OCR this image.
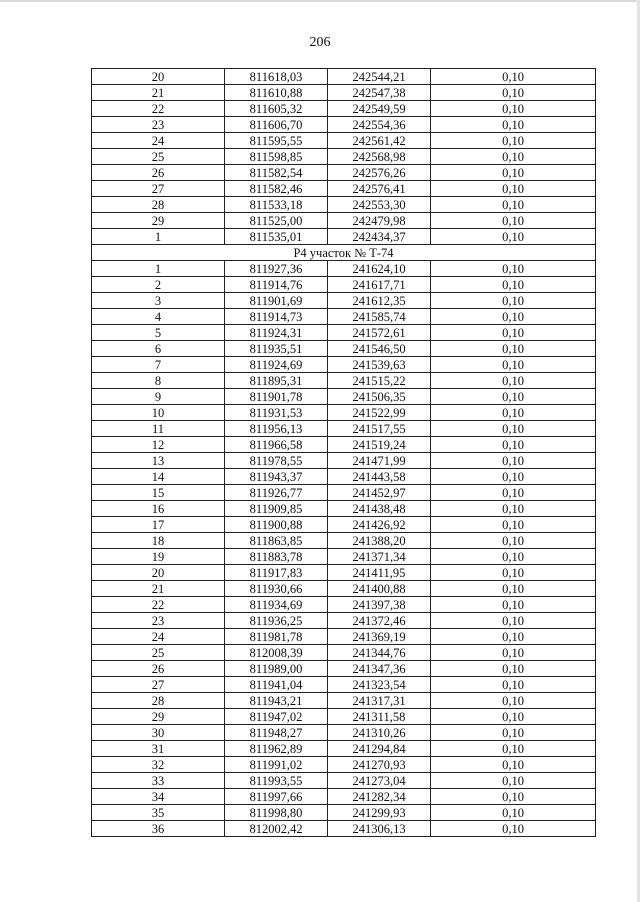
206
20	811618,03	242544,21	0,10
21	811610,88	242547,38	0,10
22	811605,32	242549,59	0,10
23	811606,70	242554,36	0,10
24	811595,55	242561,42	0,10
25	811598,85	242568,98	0,10
26	811582,54	242576,26	0,10
27	811582,46	242576,41	0,10
28	811533,18	242553,30	0,10
29	811525,00	242479,98	0,10
1	811535,01	242434,37	0,10
Р4 участок № Т-74			
1	811927,36	241624,10	0,10
2	811914,76	241617,71	0,10
3	811901,69	241612,35	0,10
4	811914,73	241585,74	0,10
5	811924,31	241572,61	0,10
6	811935,51	241546,50	0,10
7	811924,69	241539,63	0,10
8	811895,31	241515,22	0,10
9	811901,78	241506,35	0,10
10	811931,53	241522,99	0,10
11	811956,13	241517,55	0,10
12	811966,58	241519,24	0,10
13	811978,55	241471,99	0,10
14	811943,37	241443,58	0,10
15	811926,77	241452,97	0,10
16	811909,85	241438,48	0,10
17	811900,88	241426,92	0,10
18	811863,85	241388,20	0,10
19	811883,78	241371,34	0,10
20	811917,83	241411,95	0,10
21	811930,66	241400,88	0,10
22	811934,69	241397,38	0,10
23	811936,25	241372,46	0,10
24	811981,78	241369,19	0,10
25	812008,39	241344,76	0,10
26	811989,00	241347,36	0,10
27	811941,04	241323,54	0,10
28	811943,21	241317,31	0,10
29	811947,02	241311,58	0,10
30	811948,27	241310,26	0,10
31	811962,89	241294,84	0,10
32	811991,02	241270,93	0,10
33	811993,55	241273,04	0,10
34	811997,66	241282,34	0,10
35	811998,80	241299,93	0,10
36	812002,42	241306,13	0,10
